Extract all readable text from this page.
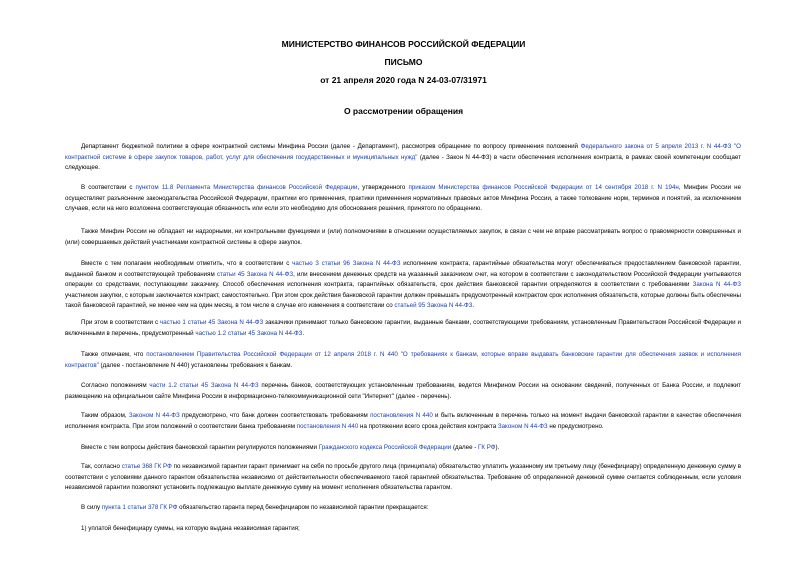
МИНИСТЕРСТВО ФИНАНСОВ РОССИЙСКОЙ ФЕДЕРАЦИИ
ПИСЬМО
от 21 апреля 2020 года N 24-03-07/31971
О рассмотрении обращения

Департамент бюджетной политики в сфере контрактной системы Минфина России (далее - Департамент), рассмотрев обращение по вопросу применения положений Федерального закона от 5 апреля 2013 г. N 44-ФЗ "О контрактной системе в сфере закупок товаров, работ, услуг для обеспечения государственных и муниципальных нужд" (далее - Закон N 44-ФЗ) в части обеспечения исполнения контракта, в рамках своей компетенции сообщает следующее.

В соответствии с пунктом 11.8 Регламента Министерства финансов Российской Федерации, утвержденного приказом Министерства финансов Российской Федерации от 14 сентября 2018 г. N 194н, Минфин России не осуществляет разъяснение законодательства Российской Федерации, практики его применения, практики применения нормативных правовых актов Минфина России, а также толкование норм, терминов и понятий, за исключением случаев, если на него возложена соответствующая обязанность или если это необходимо для обоснования решения, принятого по обращению.

Также Минфин России не обладает ни надзорными, ни контрольными функциями и (или) полномочиями в отношении осуществляемых закупок, в связи с чем не вправе рассматривать вопрос о правомерности совершенных и (или) совершаемых действий участниками контрактной системы в сфере закупок.

Вместе с тем полагаем необходимым отметить, что в соответствии с частью 3 статьи 96 Закона N 44-ФЗ исполнение контракта, гарантийные обязательства могут обеспечиваться предоставлением банковской гарантии, выданной банком и соответствующей требованиям статьи 45 Закона N 44-ФЗ, или внесением денежных средств на указанный заказчиком счет, на котором в соответствии с законодательством Российской Федерации учитываются операции со средствами, поступающими заказчику. Способ обеспечения исполнения контракта, гарантийных обязательств, срок действия банковской гарантии определяются в соответствии с требованиями Закона N 44-ФЗ участником закупки, с которым заключается контракт, самостоятельно. При этом срок действия банковской гарантии должен превышать предусмотренный контрактом срок исполнения обязательств, которые должны быть обеспечены такой банковской гарантией, не менее чем на один месяц, в том числе в случае его изменения в соответствии со статьей 95 Закона N 44-ФЗ.

При этом в соответствии с частью 1 статьи 45 Закона N 44-ФЗ заказчики принимают только банковские гарантии, выданные банками, соответствующими требованиям, установленным Правительством Российской Федерации и включенными в перечень, предусмотренный частью 1.2 статьи 45 Закона N 44-ФЗ.

Также отмечаем, что постановлением Правительства Российской Федерации от 12 апреля 2018 г. N 440 "О требованиях к банкам, которые вправе выдавать банковские гарантии для обеспечения заявок и исполнения контрактов" (далее - постановление N 440) установлены требования к банкам.

Согласно положениям части 1.2 статьи 45 Закона N 44-ФЗ перечень банков, соответствующих установленным требованиям, ведется Минфином России на основании сведений, полученных от Банка России, и подлежит размещению на официальном сайте Минфина России в информационно-телекоммуникационной сети "Интернет" (далее - перечень).

Таким образом, Законом N 44-ФЗ предусмотрено, что банк должен соответствовать требованиям постановления N 440 и быть включенным в перечень только на момент выдачи банковской гарантии в качестве обеспечения исполнения контракта. При этом положений о соответствии банка требованиям постановления N 440 на протяжении всего срока действия контракта Законом N 44-ФЗ не предусмотрено.

Вместе с тем вопросы действия банковской гарантии регулируются положениями Гражданского кодекса Российской Федерации (далее - ГК РФ).

Так, согласно статье 368 ГК РФ по независимой гарантии гарант принимает на себя по просьбе другого лица (принципала) обязательство уплатить указанному им третьему лицу (бенефициару) определенную денежную сумму в соответствии с условиями данного гарантом обязательства независимо от действительности обеспечиваемого такой гарантией обязательства. Требование об определенной денежной сумме считается соблюденным, если условия независимой гарантии позволяют установить подлежащую выплате денежную сумму на момент исполнения обязательства гарантом.

В силу пункта 1 статьи 378 ГК РФ обязательство гаранта перед бенефициаром по независимой гарантии прекращается:

1) уплатой бенефициару суммы, на которую выдана независимая гарантия;
